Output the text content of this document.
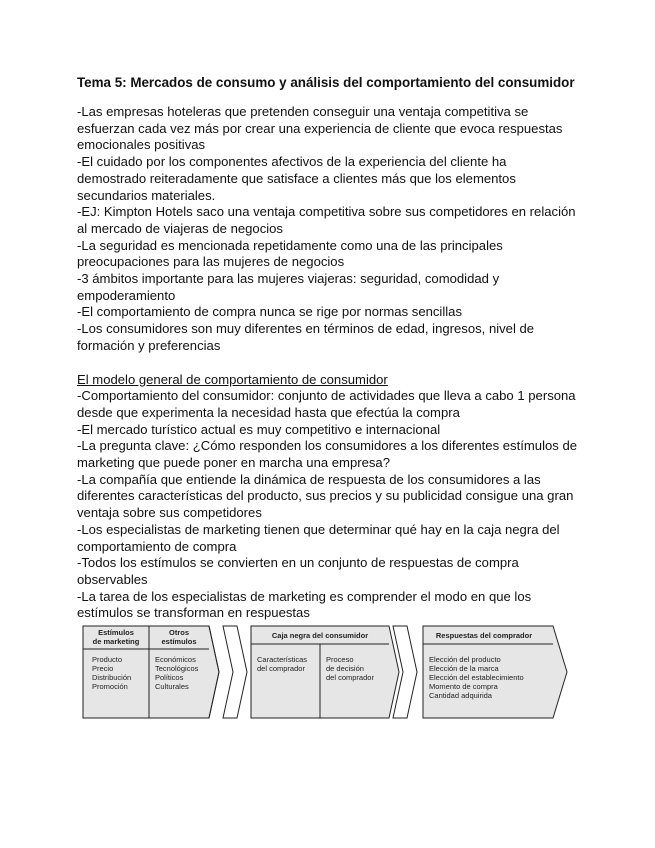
Tema 5: Mercados de consumo y análisis del comportamiento del consumidor

-Las empresas hoteleras que pretenden conseguir una ventaja competitiva se esfuerzan cada vez más por crear una experiencia de cliente que evoca respuestas emocionales positivas

-El cuidado por los componentes afectivos de la experiencia del cliente ha demostrado reiteradamente que satisface a clientes más que los elementos secundarios materiales.

-EJ: Kimpton Hotels saco una ventaja competitiva sobre sus competidores en relación al mercado de viajeras de negocios

-La seguridad es mencionada repetidamente como una de las principales preocupaciones para las mujeres de negocios

-3 ámbitos importante para las mujeres viajeras: seguridad, comodidad y empoderamiento

-El comportamiento de compra nunca se rige por normas sencillas

-Los consumidores son muy diferentes en términos de edad, ingresos, nivel de formación y preferencias

El modelo general de comportamiento de consumidor

-Comportamiento del consumidor: conjunto de actividades que lleva a cabo 1 persona desde que experimenta la necesidad hasta que efectúa la compra

-El mercado turístico actual es muy competitivo e internacional

-La pregunta clave: ¿Cómo responden los consumidores a los diferentes estímulos de marketing que puede poner en marcha una empresa?

-La compañía que entiende la dinámica de respuesta de los consumidores a las diferentes características del producto, sus precios y su publicidad consigue una gran ventaja sobre sus competidores

-Los especialistas de marketing tienen que determinar qué hay en la caja negra del comportamiento de compra

-Todos los estímulos se convierten en un conjunto de respuestas de compra observables

-La tarea de los especialistas de marketing es comprender el modo en que los estímulos se transforman en respuestas

Estímulos
de marketing
Otros
estímulos
Producto
Precio
Distribución
Promoción
Económicos
Tecnológicos
Políticos
Culturales
Caja negra del consumidor
Características
del comprador
Proceso
de decisión
del comprador
Respuestas del comprador
Elección del producto
Elección de la marca
Elección del establecimiento
Momento de compra
Cantidad adquirida
